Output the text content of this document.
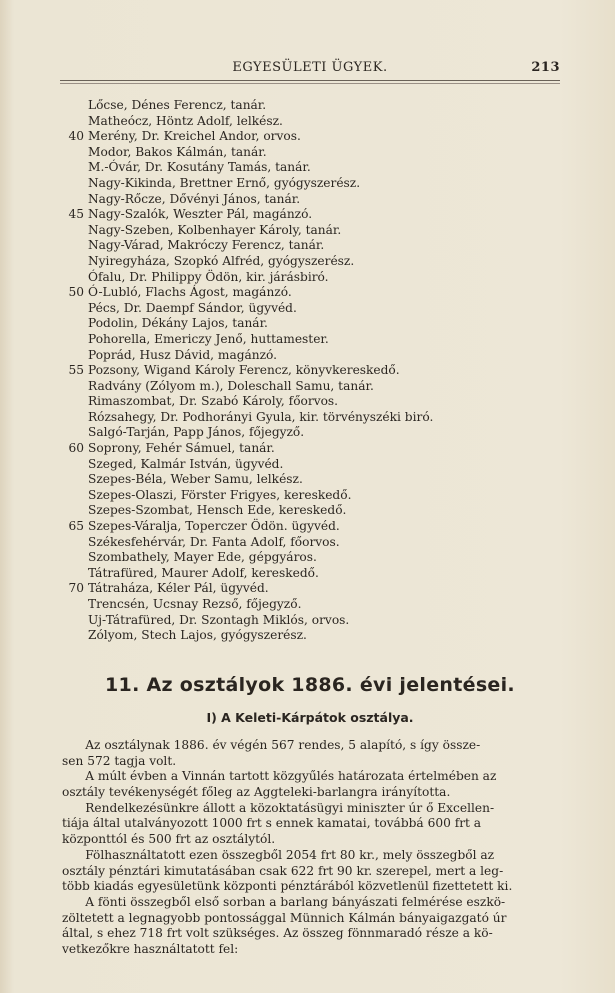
EGYESÜLETI ÜGYEK.	213
Lőcse, Dénes Ferencz, tanár.
Matheócz, Höntz Adolf, lelkész.
40 Merény, Dr. Kreichel Andor, orvos.
Modor, Bakos Kálmán, tanár.
M.-Óvár, Dr. Kosutány Tamás, tanár.
Nagy-Kikinda, Brettner Ernő, gyógyszerész.
Nagy-Rőcze, Dővényi János, tanár.
45 Nagy-Szalók, Weszter Pál, magánzó.
Nagy-Szeben, Kolbenhayer Károly, tanár.
Nagy-Várad, Makróczy Ferencz, tanár.
Nyiregyháza, Szopkó Alfréd, gyógyszerész.
Ófalu, Dr. Philippy Ödön, kir. járásbiró.
50 Ó-Lubló, Flachs Ágost, magánzó.
Pécs, Dr. Daempf Sándor, ügyvéd.
Podolin, Dékány Lajos, tanár.
Pohorella, Emericzy Jenő, huttamester.
Poprád, Husz Dávid, magánzó.
55 Pozsony, Wigand Károly Ferencz, könyvkereskedő.
Radvány (Zólyom m.), Doleschall Samu, tanár.
Rimaszombat, Dr. Szabó Károly, főorvos.
Rózsahegy, Dr. Podhorányi Gyula, kir. törvényszéki biró.
Salgó-Tarján, Papp János, főjegyző.
60 Soprony, Fehér Sámuel, tanár.
Szeged, Kalmár István, ügyvéd.
Szepes-Béla, Weber Samu, lelkész.
Szepes-Olaszi, Förster Frigyes, kereskedő.
Szepes-Szombat, Hensch Ede, kereskedő.
65 Szepes-Váralja, Toperczer Ödön. ügyvéd.
Székesfehérvár, Dr. Fanta Adolf, főorvos.
Szombathely, Mayer Ede, gépgyáros.
Tátrafüred, Maurer Adolf, kereskedő.
70 Tátraháza, Kéler Pál, ügyvéd.
Trencsén, Ucsnay Rezső, főjegyző.
Uj-Tátrafüred, Dr. Szontagh Miklós, orvos.
Zólyom, Stech Lajos, gyógyszerész.
11. Az osztályok 1886. évi jelentései.
I) A Keleti-Kárpátok osztálya.
Az osztálynak 1886. év végén 567 rendes, 5 alapító, s így össze-
sen 572 tagja volt.
A múlt évben a Vinnán tartott közgyűlés határozata értelmében az
osztály tevékenységét főleg az Aggteleki-barlangra irányította.
Rendelkezésünkre állott a közoktatásügyi miniszter úr ő Excellen-
tiája által utalványozott 1000 frt s ennek kamatai, továbbá 600 frt a
központtól és 500 frt az osztálytól.
Fölhasználtatott ezen összegből 2054 frt 80 kr., mely összegből az
osztály pénztári kimutatásában csak 622 frt 90 kr. szerepel, mert a leg-
több kiadás egyesületünk központi pénztárából közvetlenül fizettetett ki.
A fönti összegből első sorban a barlang bányászati felmérése eszkö-
zöltetett a legnagyobb pontossággal Münnich Kálmán bányaigazgató úr
által, s ehez 718 frt volt szükséges. Az összeg fönnmaradó része a kö-
vetkezőkre használtatott fel:
